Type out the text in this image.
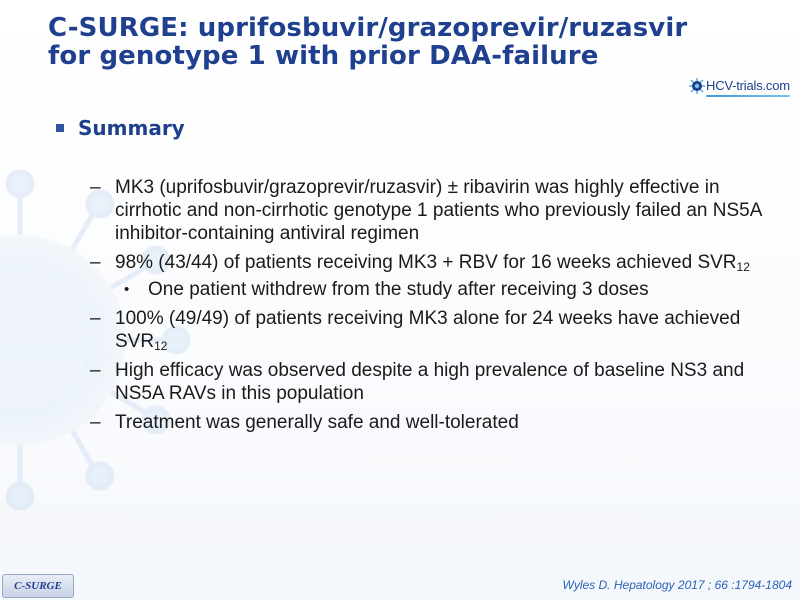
C-SURGE: uprifosbuvir/grazoprevir/ruzasvir
for genotype 1 with prior DAA-failure
HCV-trials.com
Summary
– MK3 (uprifosbuvir/grazoprevir/ruzasvir) ± ribavirin was highly effective in cirrhotic and non-cirrhotic genotype 1 patients who previously failed an NS5A inhibitor-containing antiviral regimen
– 98% (43/44) of patients receiving MK3 + RBV for 16 weeks achieved $SVR_{12}$
• One patient withdrew from the study after receiving 3 doses
– 100% (49/49) of patients receiving MK3 alone for 24 weeks have achieved $SVR_{12}$
– High efficacy was observed despite a high prevalence of baseline NS3 and NS5A RAVs in this population
– Treatment was generally safe and well-tolerated
C-SURGE	Wyles D. Hepatology 2017 ; 66 :1794-1804
